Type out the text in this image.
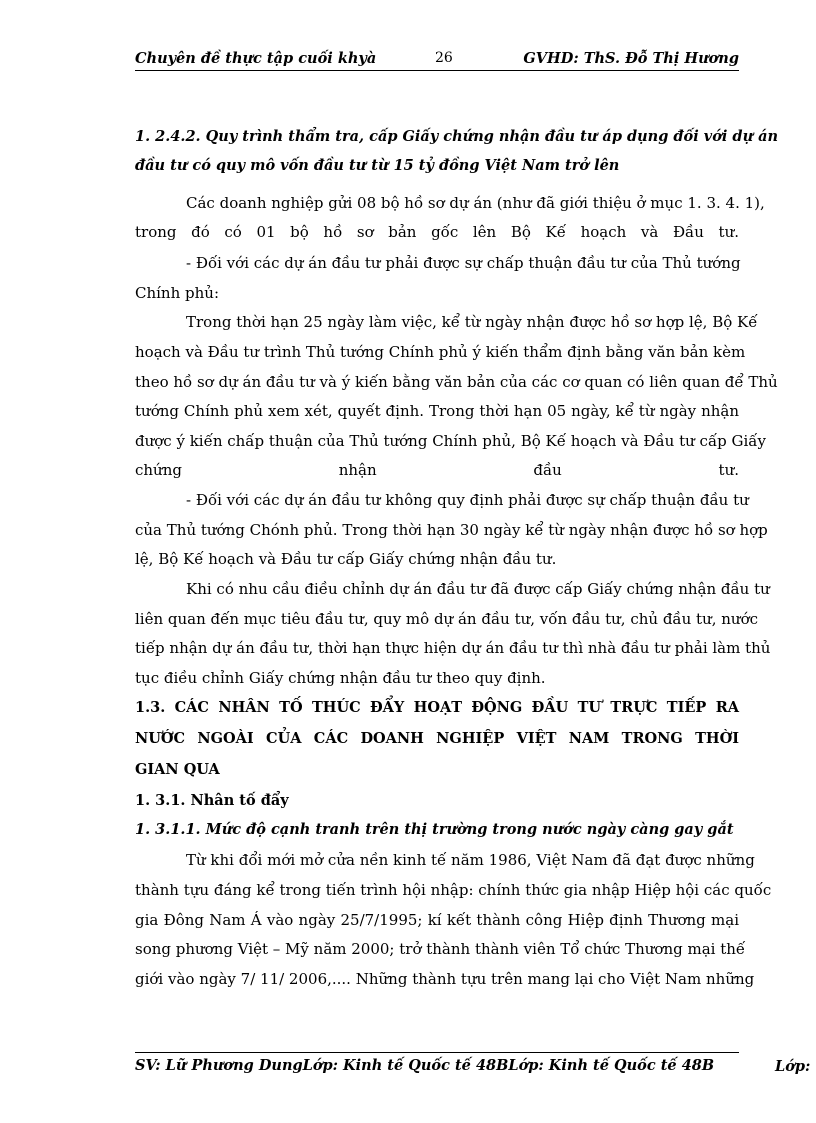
Chuyên đề thực tập cuối khyà	26	GVHD: ThS. Đỗ Thị Hương
1. 2.4.2. Quy trình thẩm tra, cấp Giấy chứng nhận đầu tư áp dụng đối với dự án
đầu tư có quy mô vốn đầu tư từ 15 tỷ đồng Việt Nam trở lên
Các doanh nghiệp gửi 08 bộ hồ sơ dự án (như đã giới thiệu ở mục 1. 3. 4. 1),
trong đó có 01 bộ hồ sơ bản gốc lên Bộ Kế hoạch và Đầu tư.
- Đối với các dự án đầu tư phải được sự chấp thuận đầu tư của Thủ tướng
Chính phủ:
Trong thời hạn 25 ngày làm việc, kể từ ngày nhận được hồ sơ hợp lệ, Bộ Kế
hoạch và Đầu tư trình Thủ tướng Chính phủ ý kiến thẩm định bằng văn bản kèm
theo hồ sơ dự án đầu tư và ý kiến bằng văn bản của các cơ quan có liên quan để Thủ
tướng Chính phủ xem xét, quyết định. Trong thời hạn 05 ngày, kể từ ngày nhận
được ý kiến chấp thuận của Thủ tướng Chính phủ, Bộ Kế hoạch và Đầu tư cấp Giấy
chứng nhận đầu tư.
- Đối với các dự án đầu tư không quy định phải được sự chấp thuận đầu tư
của Thủ tướng Chónh phủ. Trong thời hạn 30 ngày kể từ ngày nhận được hồ sơ hợp
lệ, Bộ Kế hoạch và Đầu tư cấp Giấy chứng nhận đầu tư.
Khi có nhu cầu điều chỉnh dự án đầu tư đã được cấp Giấy chứng nhận đầu tư
liên quan đến mục tiêu đầu tư, quy mô dự án đầu tư, vốn đầu tư, chủ đầu tư, nước
tiếp nhận dự án đầu tư, thời hạn thực hiện dự án đầu tư thì nhà đầu tư phải làm thủ
tục điều chỉnh Giấy chứng nhận đầu tư theo quy định.
1.3. CÁC NHÂN TỐ THÚC ĐẨY HOẠT ĐỘNG ĐẦU TƯ TRỰC TIẾP RA
NƯỚC NGOÀI CỦA CÁC DOANH NGHIỆP VIỆT NAM TRONG THỜI
GIAN QUA
1. 3.1. Nhân tố đẩy
1. 3.1.1. Mức độ cạnh tranh trên thị trường trong nước ngày càng gay gắt
Từ khi đổi mới mở cửa nền kinh tế năm 1986, Việt Nam đã đạt được những
thành tựu đáng kể trong tiến trình hội nhập: chính thức gia nhập Hiệp hội các quốc
gia Đông Nam Á vào ngày 25/7/1995; kí kết thành công Hiệp định Thương mại
song phương Việt – Mỹ năm 2000; trở thành thành viên Tổ chức Thương mại thế
giới vào ngày 7/ 11/ 2006,.... Những thành tựu trên mang lại cho Việt Nam những
SV: Lữ Phương DungLớp: Kinh tế Quốc tế 48BLớp: Kinh tế Quốc tế 48B	Lớp:
